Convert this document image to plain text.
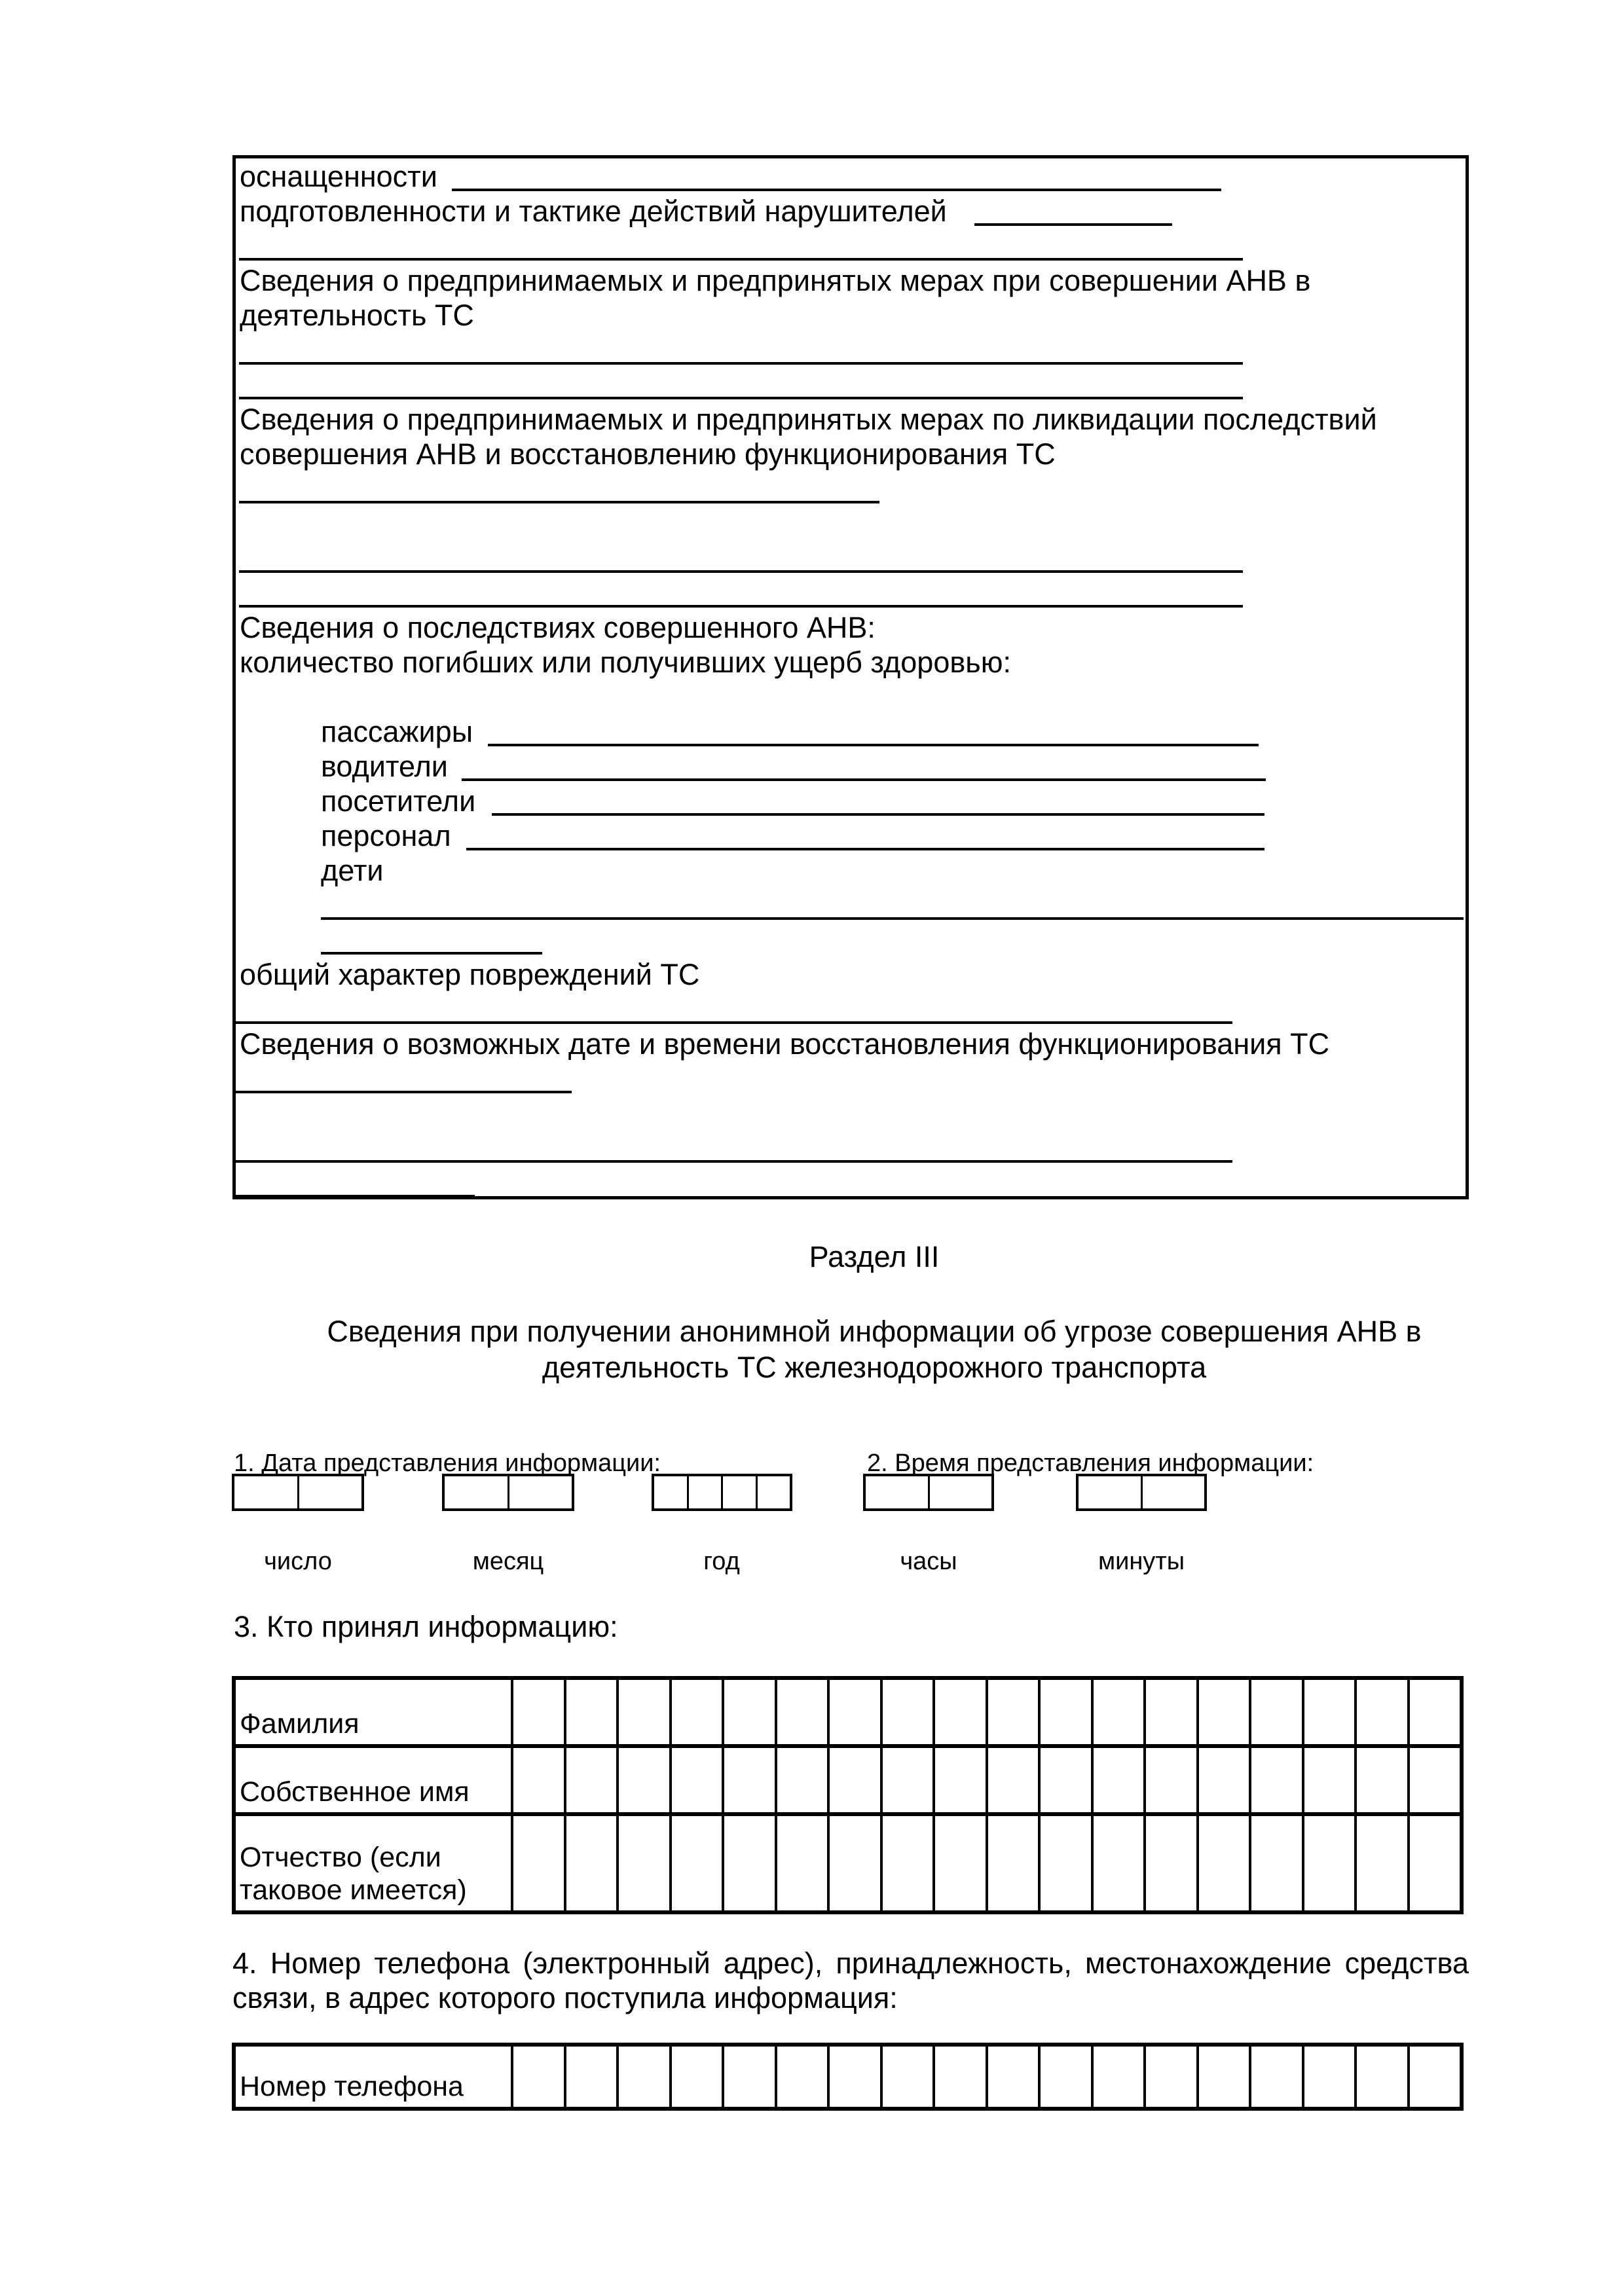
оснащенности
подготовленности и тактике действий нарушителей
Сведения о предпринимаемых и предпринятых мерах при совершении АНВ в
деятельность ТС
Сведения о предпринимаемых и предпринятых мерах по ликвидации последствий
совершения АНВ и восстановлению функционирования ТС
Сведения о последствиях совершенного АНВ:
количество погибших или получивших ущерб здоровью:
пассажиры
водители
посетители
персонал
дети
общий характер повреждений ТС
Сведения о возможных дате и времени восстановления функционирования ТС
Раздел III
Сведения при получении анонимной информации об угрозе совершения АНВ в
деятельность ТС железнодорожного транспорта
1. Дата представления информации:	2. Время представления информации:
число	месяц	год	часы	минуты
3. Кто принял информацию:
Фамилия
Собственное имя
Отчество (если таковое имеется)
4. Номер телефона (электронный адрес), принадлежность, местонахождение средства
связи, в адрес которого поступила информация:
Номер телефона
